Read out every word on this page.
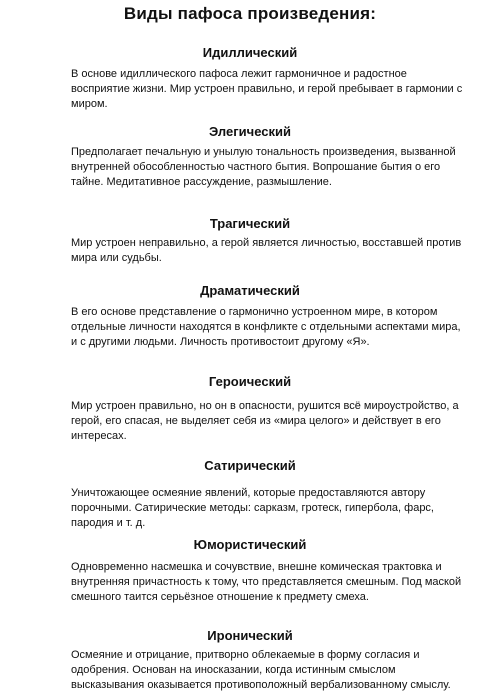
Виды пафоса произведения:
Идиллический

В основе идиллического пафоса лежит гармоничное и радостное восприятие жизни. Мир устроен правильно, и герой пребывает в гармонии с миром.

Элегический

Предполагает печальную и унылую тональность произведения, вызванной внутренней обособленностью частного бытия. Вопрошание бытия о его тайне. Медитативное рассуждение, размышление.

Трагический

Мир устроен неправильно, а герой является личностью, восставшей против мира или судьбы.

Драматический

В его основе представление о гармонично устроенном мире, в котором отдельные личности находятся в конфликте с отдельными аспектами мира, и с другими людьми. Личность противостоит другому «Я».

Героический

Мир устроен правильно, но он в опасности, рушится всё мироустройство, а герой, его спасая, не выделяет себя из «мира целого» и действует в его интересах.

Сатирический

Уничтожающее осмеяние явлений, которые предоставляются автору порочными. Сатирические методы: сарказм, гротеск, гипербола, фарс, пародия и т. д.

Юмористический

Одновременно насмешка и сочувствие, внешне комическая трактовка и внутренняя причастность к тому, что представляется смешным. Под маской смешного таится серьёзное отношение к предмету смеха.

Иронический

Осмеяние и отрицание, притворно облекаемые в форму согласия и одобрения. Основан на иносказании, когда истинным смыслом высказывания оказывается противоположный вербализованному смыслу.
